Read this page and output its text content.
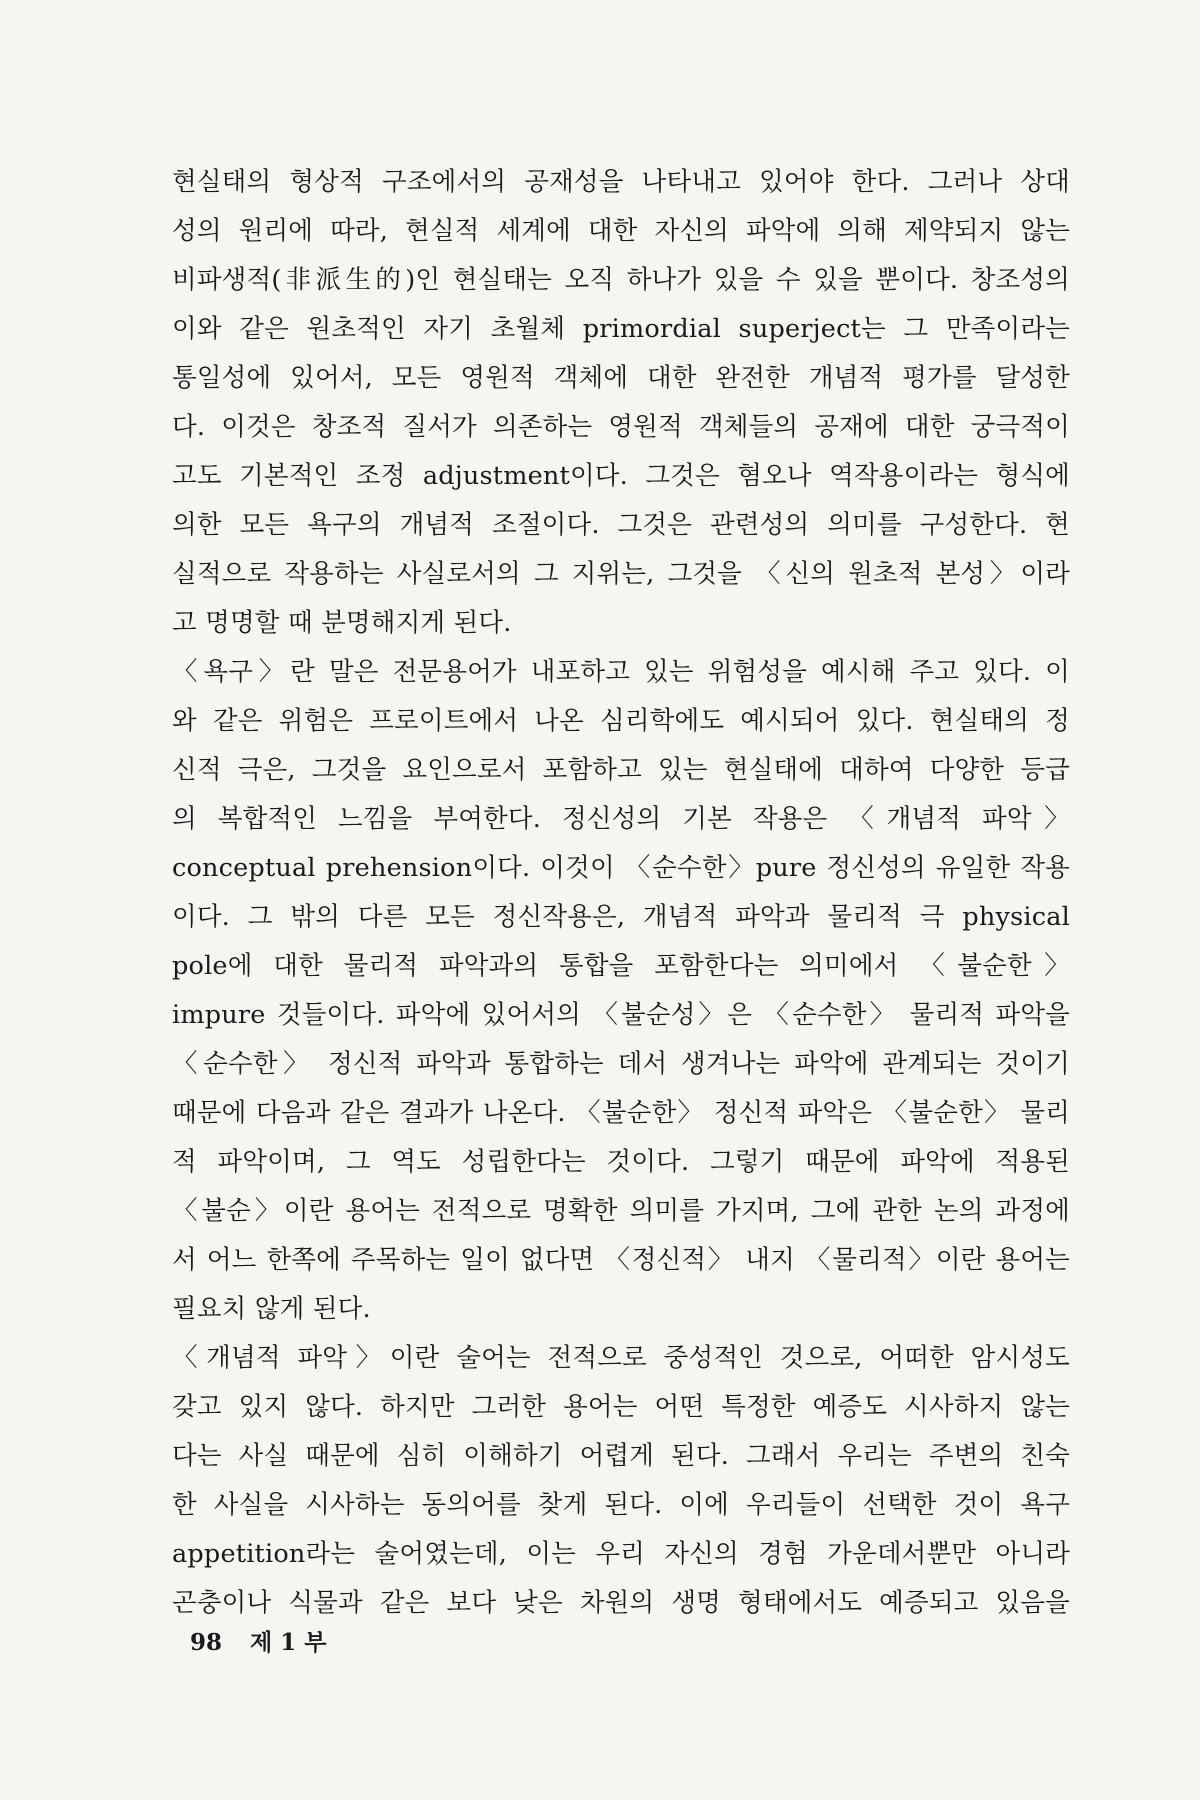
현실태의 형상적 구조에서의 공재성을 나타내고 있어야 한다. 그러나 상대
성의 원리에 따라, 현실적 세계에 대한 자신의 파악에 의해 제약되지 않는
비파생적(非派生的)인 현실태는 오직 하나가 있을 수 있을 뿐이다. 창조성의
이와 같은 원초적인 자기 초월체 primordial superject는 그 만족이라는
통일성에 있어서, 모든 영원적 객체에 대한 완전한 개념적 평가를 달성한
다. 이것은 창조적 질서가 의존하는 영원적 객체들의 공재에 대한 궁극적이
고도 기본적인 조정 adjustment이다. 그것은 혐오나 역작용이라는 형식에
의한 모든 욕구의 개념적 조절이다. 그것은 관련성의 의미를 구성한다. 현
실적으로 작용하는 사실로서의 그 지위는, 그것을 〈신의 원초적 본성〉이라
고 명명할 때 분명해지게 된다.
〈욕구〉란 말은 전문용어가 내포하고 있는 위험성을 예시해 주고 있다. 이
와 같은 위험은 프로이트에서 나온 심리학에도 예시되어 있다. 현실태의 정
신적 극은, 그것을 요인으로서 포함하고 있는 현실태에 대하여 다양한 등급
의 복합적인 느낌을 부여한다. 정신성의 기본 작용은 〈개념적 파악〉
conceptual prehension이다. 이것이 〈순수한〉pure 정신성의 유일한 작용
이다. 그 밖의 다른 모든 정신작용은, 개념적 파악과 물리적 극 physical
pole에 대한 물리적 파악과의 통합을 포함한다는 의미에서 〈불순한〉
impure 것들이다. 파악에 있어서의 〈불순성〉은 〈순수한〉 물리적 파악을
〈순수한〉 정신적 파악과 통합하는 데서 생겨나는 파악에 관계되는 것이기
때문에 다음과 같은 결과가 나온다. 〈불순한〉 정신적 파악은 〈불순한〉 물리
적 파악이며, 그 역도 성립한다는 것이다. 그렇기 때문에 파악에 적용된
〈불순〉이란 용어는 전적으로 명확한 의미를 가지며, 그에 관한 논의 과정에
서 어느 한쪽에 주목하는 일이 없다면 〈정신적〉 내지 〈물리적〉이란 용어는
필요치 않게 된다.
〈개념적 파악〉이란 술어는 전적으로 중성적인 것으로, 어떠한 암시성도
갖고 있지 않다. 하지만 그러한 용어는 어떤 특정한 예증도 시사하지 않는
다는 사실 때문에 심히 이해하기 어렵게 된다. 그래서 우리는 주변의 친숙
한 사실을 시사하는 동의어를 찾게 된다. 이에 우리들이 선택한 것이 욕구
appetition라는 술어였는데, 이는 우리 자신의 경험 가운데서뿐만 아니라
곤충이나 식물과 같은 보다 낮은 차원의 생명 형태에서도 예증되고 있음을
98 제 1 부
